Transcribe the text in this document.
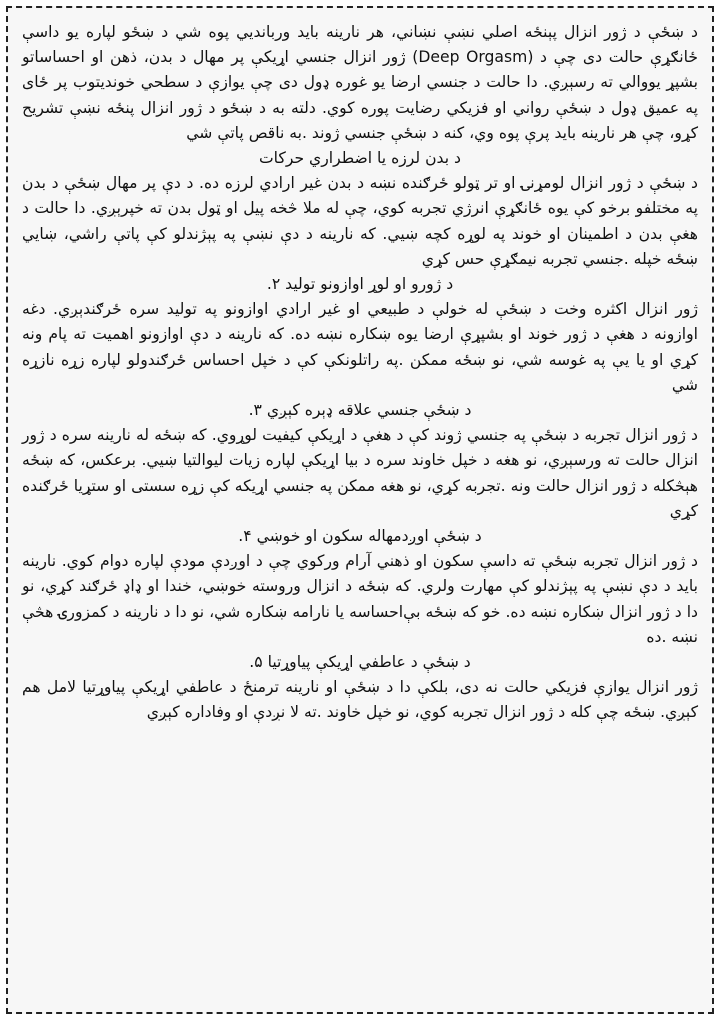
د ښځې د ژور انزال پېنځه اصلي نښې نښاني، هر نارینه باید وربانديي پوه شي د ښځو لپاره یو داسې ځانګړې حالت دی چې د (Deep Orgasm) ژور انزال جنسي اړیکې پر مهال د بدن، ذهن او احساساتو بشپړ یووالي ته رسېږي. دا حالت د جنسي ارضا یو غوره ډول دی چې یوازې د سطحي خوندیتوب پر ځای په عمیق ډول د ښځې رواني او فزیکي رضایت پوره کوي. دلته به د ښځو د ژور انزال پنځه نښې تشریح کړو، چې هر نارینه باید پرې پوه وي، کنه د ښځې جنسي ژوند .به ناقص پاتې شي

د بدن لرزه یا اضطراري حرکات

د ښځې د ژور انزال لومړنۍ او تر ټولو ځرګنده نښه د بدن غیر ارادي لرزه ده. د دې پر مهال ښځې د بدن په مختلفو برخو کې یوه ځانګړې انرژي تجربه کوي، چې له ملا څخه پیل او ټول بدن ته خپرېږي. دا حالت د هغې بدن د اطمینان او خوند په لوړه کچه ښیي. که نارینه د دې نښې په پېژندلو کې پاتې راشي، ښایي ښځه خپله .جنسي تجربه نیمګړې حس کړي

د ژورو او لوړ اوازونو تولید ۲.

ژور انزال اکثره وخت د ښځې له خولې د طبیعي او غیر ارادي اوازونو په تولید سره ځرګندېږي. دغه اوازونه د هغې د ژور خوند او بشپړې ارضا یوه ښکاره نښه ده. که نارینه د دې اوازونو اهمیت ته پام ونه کړي او یا یې په غوسه شي، نو ښځه ممکن .په راتلونکې کې د خپل احساس ځرګندولو لپاره زړه نازړه شي

د ښځې جنسي علاقه ډېره کېږي ۳.

د ژور انزال تجربه د ښځې په جنسي ژوند کې د هغې د اړیکې کیفیت لوړوي. که ښځه له نارینه سره د ژور انزال حالت ته ورسېږي، نو هغه د خپل خاوند سره د بیا اړیکې لپاره زیات لیوالتیا ښیي. برعکس، که ښځه هېڅکله د ژور انزال حالت ونه .تجربه کړي، نو هغه ممکن په جنسي اړیکه کې زړه سستی او ستړیا ځرګنده کړي

د ښځې اوږدمهاله سکون او خوښي ۴.

د ژور انزال تجربه ښځې ته داسې سکون او ذهني آرام ورکوي چې د اوږدې مودې لپاره دوام کوي. نارینه باید د دې نښې په پېژندلو کې مهارت ولري. که ښځه د انزال وروسته خوښي، خندا او ډاډ ځرګند کړي، نو دا د ژور انزال ښکاره نښه ده. خو که ښځه بې‌احساسه یا نارامه ښکاره شي، نو دا د نارینه د کمزورۍ هڅې نښه .ده

د ښځې د عاطفي اړیکې پیاوړتیا ۵.

ژور انزال یوازې فزیکي حالت نه دی، بلکې دا د ښځې او نارینه ترمنځ د عاطفي اړیکې پیاوړتیا لامل هم کېږي. ښځه چې کله د ژور انزال تجربه کوي، نو خپل خاوند .ته لا نږدې او وفاداره کېږي
